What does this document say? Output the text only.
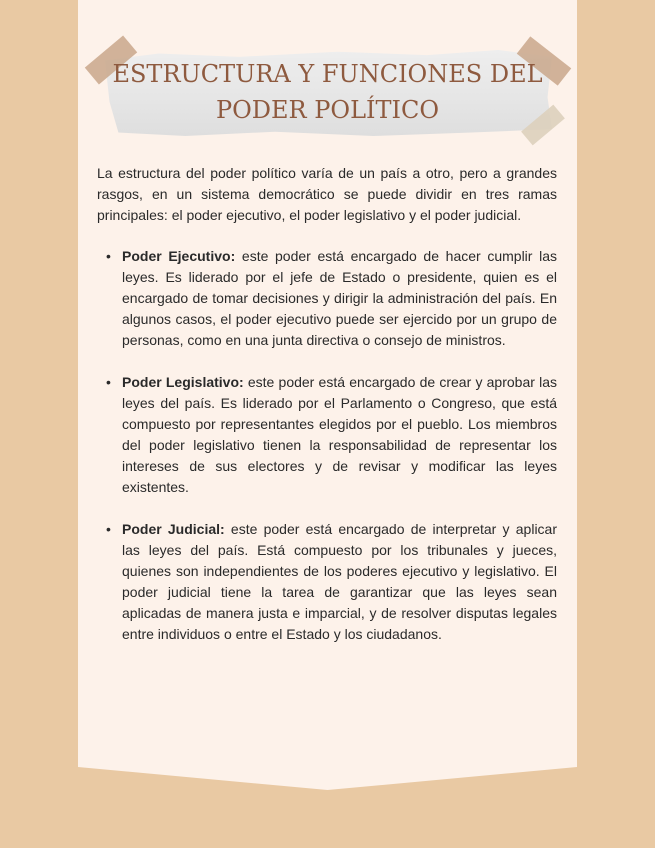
ESTRUCTURA Y FUNCIONES DEL PODER POLÍTICO

La estructura del poder político varía de un país a otro, pero a grandes rasgos, en un sistema democrático se puede dividir en tres ramas principales: el poder ejecutivo, el poder legislativo y el poder judicial.

• Poder Ejecutivo: este poder está encargado de hacer cumplir las leyes. Es liderado por el jefe de Estado o presidente, quien es el encargado de tomar decisiones y dirigir la administración del país. En algunos casos, el poder ejecutivo puede ser ejercido por un grupo de personas, como en una junta directiva o consejo de ministros.
• Poder Legislativo: este poder está encargado de crear y aprobar las leyes del país. Es liderado por el Parlamento o Congreso, que está compuesto por representantes elegidos por el pueblo. Los miembros del poder legislativo tienen la responsabilidad de representar los intereses de sus electores y de revisar y modificar las leyes existentes.
• Poder Judicial: este poder está encargado de interpretar y aplicar las leyes del país. Está compuesto por los tribunales y jueces, quienes son independientes de los poderes ejecutivo y legislativo. El poder judicial tiene la tarea de garantizar que las leyes sean aplicadas de manera justa e imparcial, y de resolver disputas legales entre individuos o entre el Estado y los ciudadanos.
